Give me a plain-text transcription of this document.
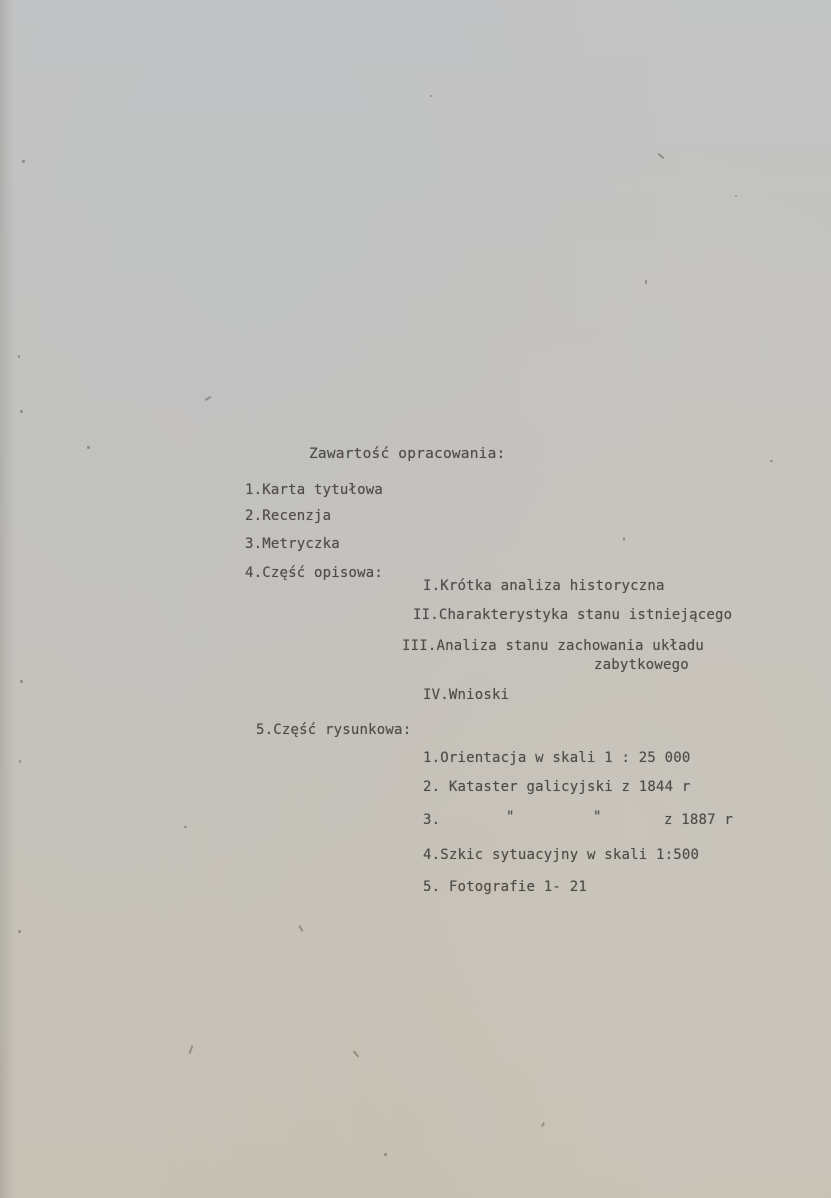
Zawartość opracowania:
1.Karta tytułowa
2.Recenzja
3.Metryczka
4.Część opisowa:
I.Krótka analiza historyczna
II.Charakterystyka stanu istniejącego
III.Analiza stanu zachowania układu
zabytkowego
IV.Wnioski
5.Część rysunkowa:
1.Orientacja w skali 1 : 25 000
2. Kataster galicyjski z 1844 r
3.	"	"	z 1887 r
4.Szkic sytuacyjny w skali 1:500
5. Fotografie 1- 21
